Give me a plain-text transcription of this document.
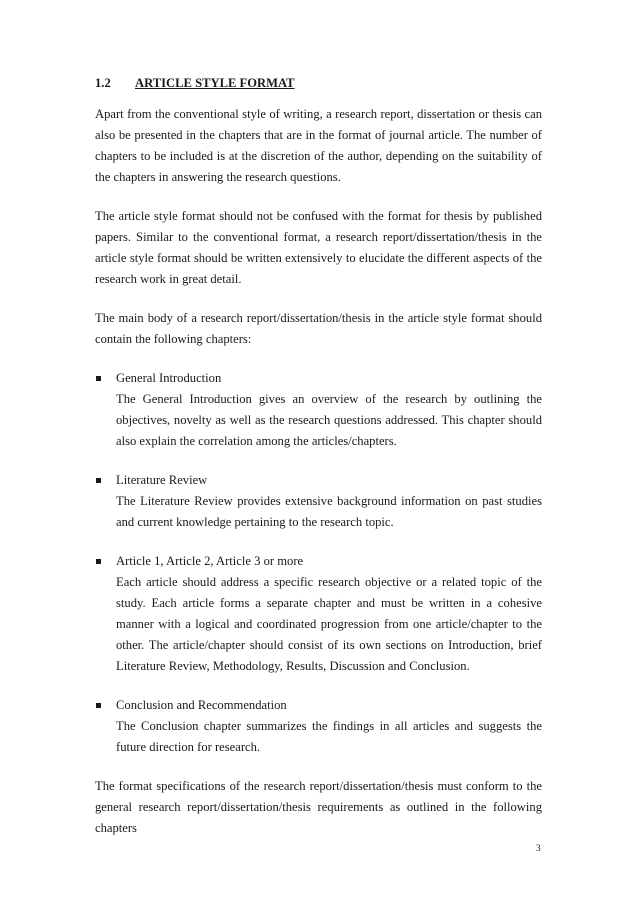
1.2 ARTICLE STYLE FORMAT

Apart from the conventional style of writing, a research report, dissertation or thesis can also be presented in the chapters that are in the format of journal article. The number of chapters to be included is at the discretion of the author, depending on the suitability of the chapters in answering the research questions.

The article style format should not be confused with the format for thesis by published papers. Similar to the conventional format, a research report/dissertation/thesis in the article style format should be written extensively to elucidate the different aspects of the research work in great detail.

The main body of a research report/dissertation/thesis in the article style format should contain the following chapters:

General Introduction

The General Introduction gives an overview of the research by outlining the objectives, novelty as well as the research questions addressed. This chapter should also explain the correlation among the articles/chapters.

Literature Review

The Literature Review provides extensive background information on past studies and current knowledge pertaining to the research topic.

Article 1, Article 2, Article 3 or more

Each article should address a specific research objective or a related topic of the study. Each article forms a separate chapter and must be written in a cohesive manner with a logical and coordinated progression from one article/chapter to the other. The article/chapter should consist of its own sections on Introduction, brief Literature Review, Methodology, Results, Discussion and Conclusion.

Conclusion and Recommendation

The Conclusion chapter summarizes the findings in all articles and suggests the future direction for research.

The format specifications of the research report/dissertation/thesis must conform to the general research report/dissertation/thesis requirements as outlined in the following chapters

3
